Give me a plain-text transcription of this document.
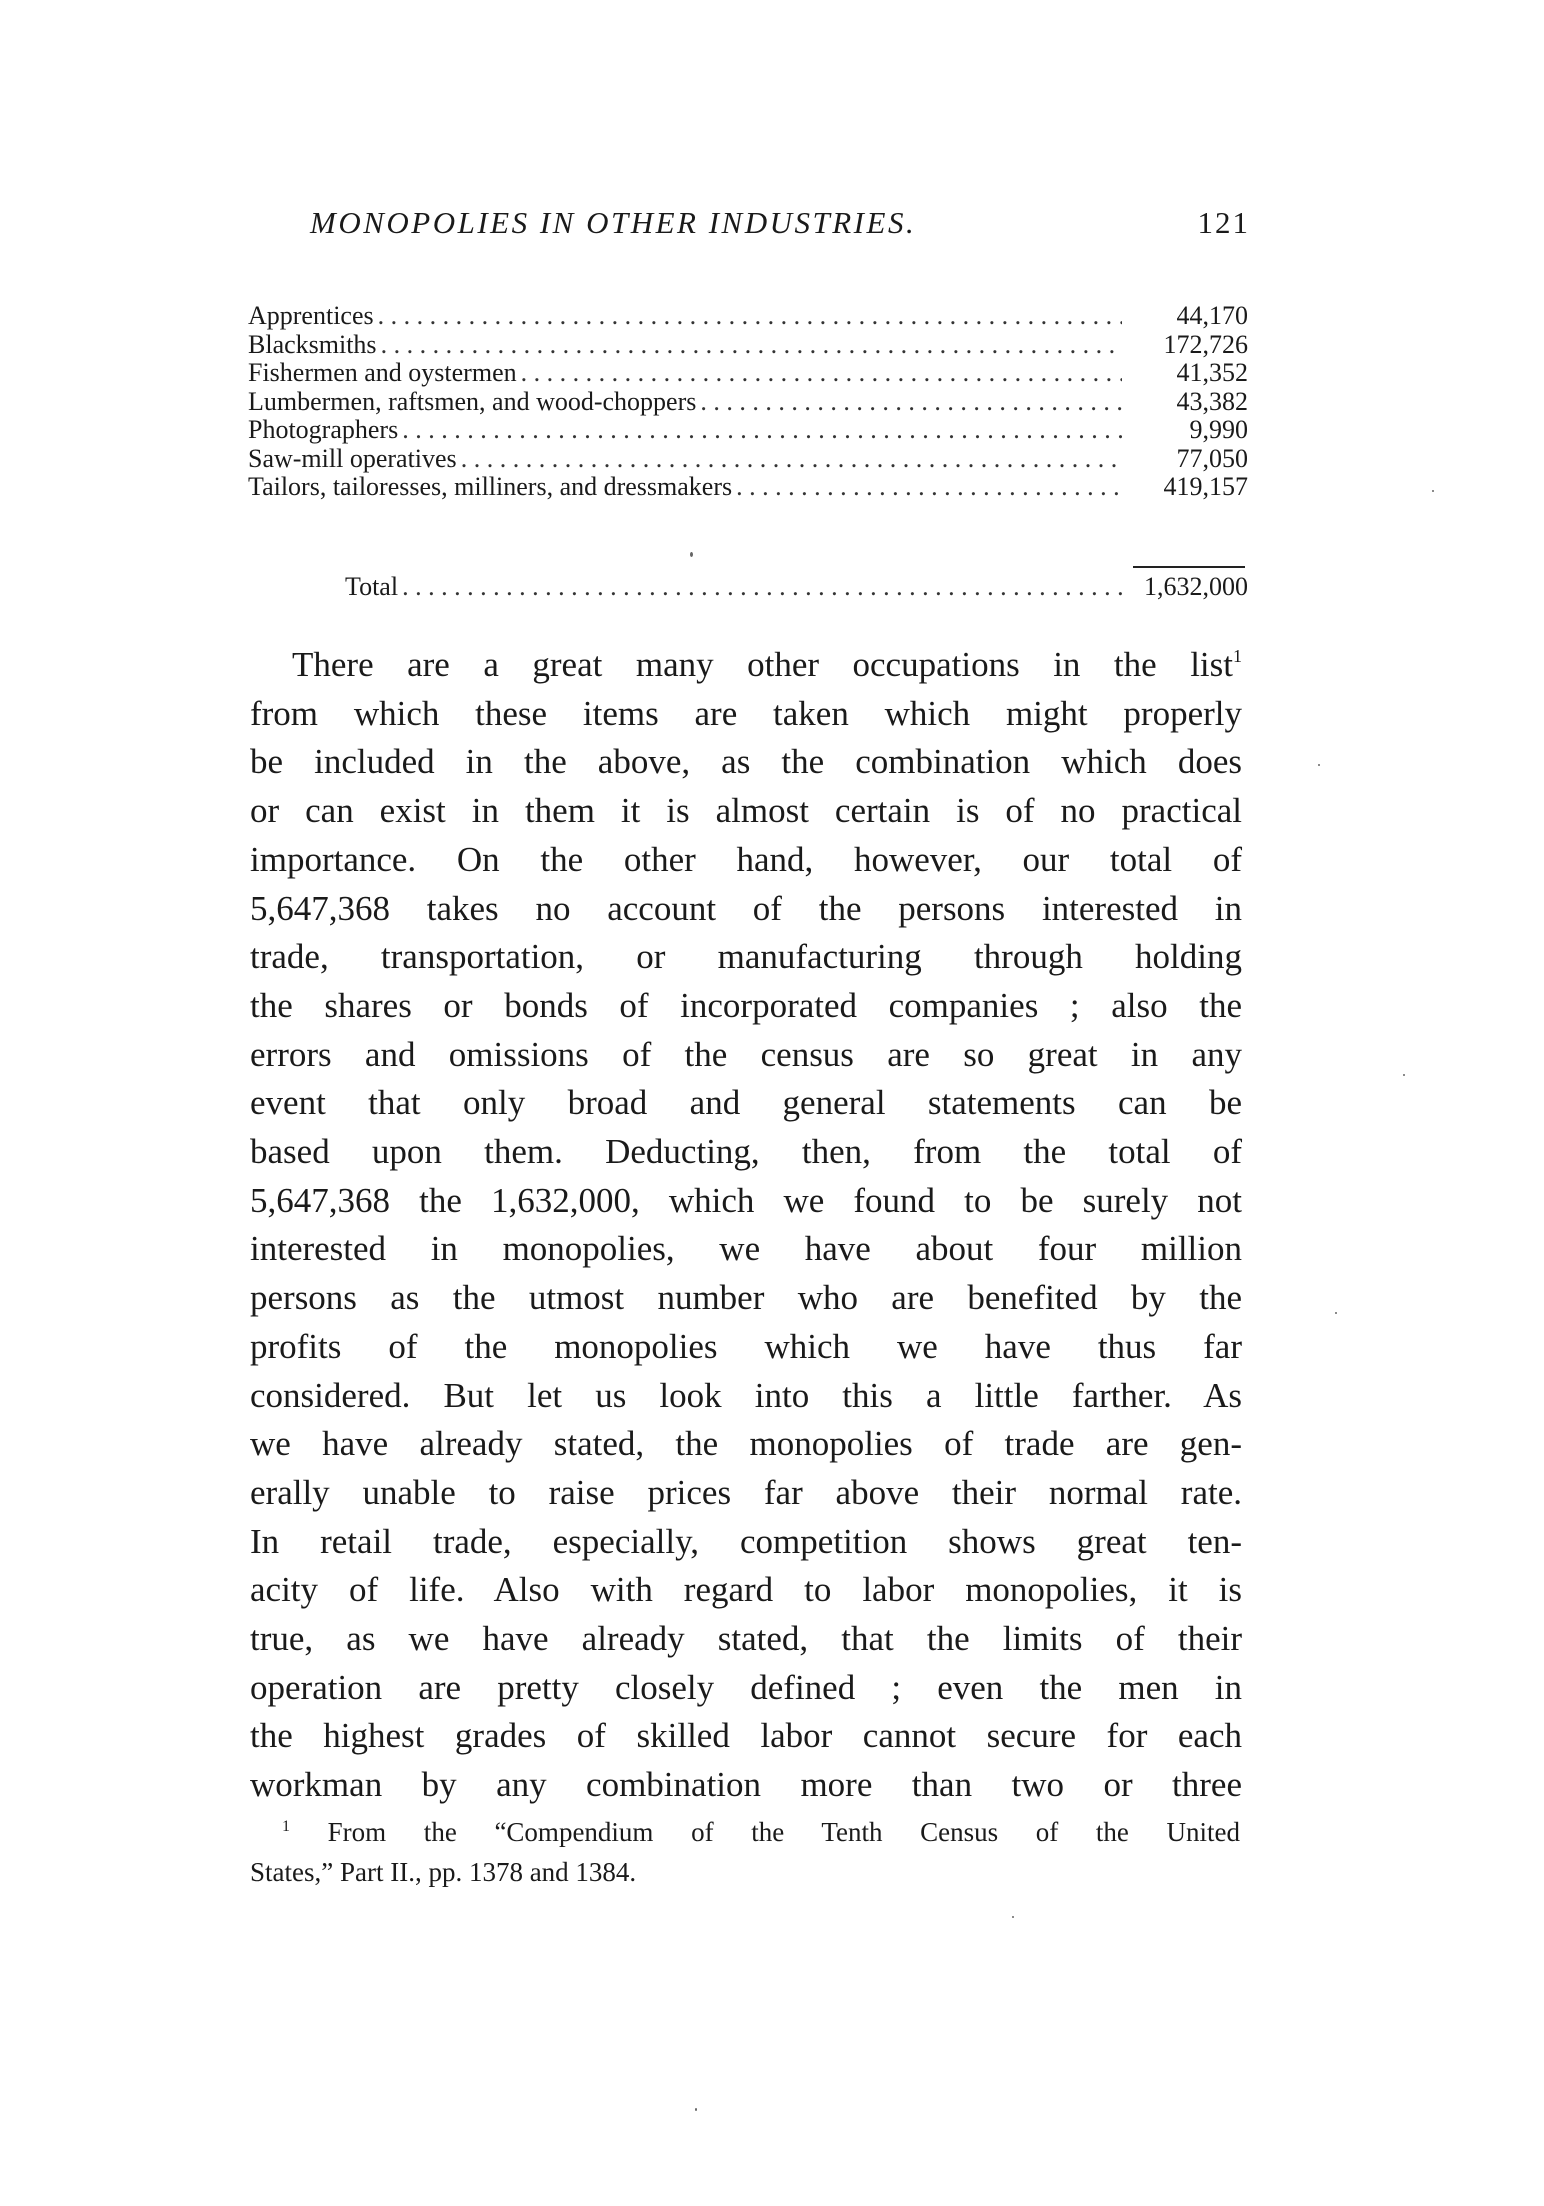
MONOPOLIES IN OTHER INDUSTRIES.	121
Apprentices . . .	44,170
Blacksmiths . . .	172,726
Fishermen and oystermen . . .	41,352
Lumbermen, raftsmen, and wood-choppers . . .	43,382
Photographers . . .	9,990
Saw-mill operatives . . .	77,050
Tailors, tailoresses, milliners, and dressmakers . . .	419,157
Total . . .	1,632,000
There are a great many other occupations in the list$^1$
from which these items are taken which might properly
be included in the above, as the combination which does
or can exist in them it is almost certain is of no practical
importance. On the other hand, however, our total of
5,647,368 takes no account of the persons interested in
trade, transportation, or manufacturing through holding
the shares or bonds of incorporated companies ; also the
errors and omissions of the census are so great in any
event that only broad and general statements can be
based upon them. Deducting, then, from the total of
5,647,368 the 1,632,000, which we found to be surely not
interested in monopolies, we have about four million
persons as the utmost number who are benefited by the
profits of the monopolies which we have thus far
considered. But let us look into this a little farther. As
we have already stated, the monopolies of trade are gen-
erally unable to raise prices far above their normal rate.
In retail trade, especially, competition shows great ten-
acity of life. Also with regard to labor monopolies, it is
true, as we have already stated, that the limits of their
operation are pretty closely defined ; even the men in
the highest grades of skilled labor cannot secure for each
workman by any combination more than two or three
$^1$ From the “Compendium of the Tenth Census of the United
States,” Part II., pp. 1378 and 1384.
